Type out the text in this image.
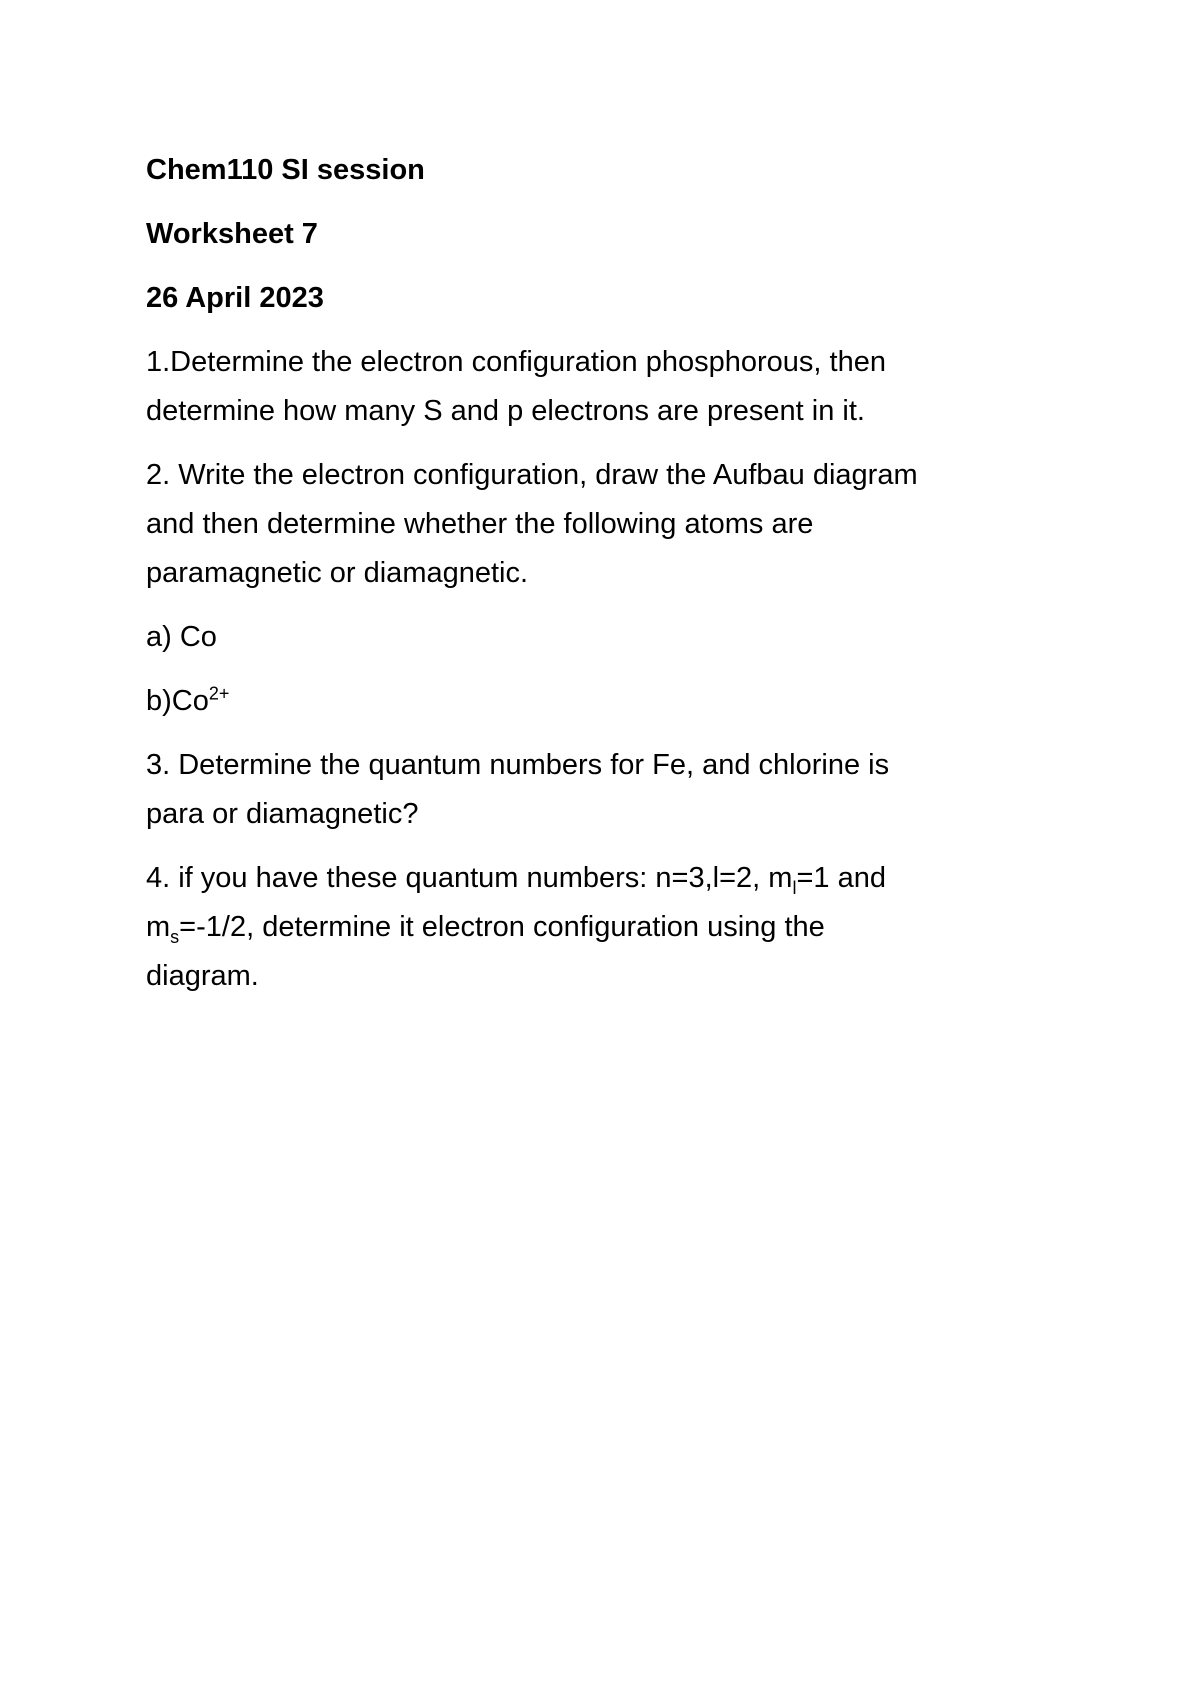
Chem110 SI session

Worksheet 7

26 April 2023

1.Determine the electron configuration phosphorous, then

determine how many S and p electrons are present in it.

2. Write the electron configuration, draw the Aufbau diagram

and then determine whether the following atoms are

paramagnetic or diamagnetic.

a) Co

$b)Co^{2+}$

3. Determine the quantum numbers for Fe, and chlorine is

para or diamagnetic?

4. if you have these quantum numbers: n=3,l=2, $m_l=1$ and

$m_s=-1/2$, determine it electron configuration using the

diagram.
